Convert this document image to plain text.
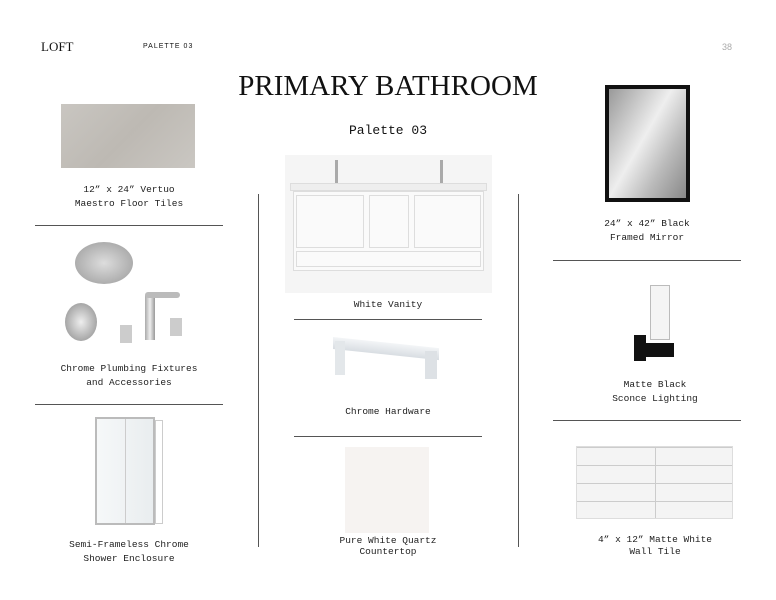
LOFT	PALETTE 03	38
PRIMARY BATHROOM
Palette 03
12” x 24” Vertuo
Maestro Floor Tiles
Chrome Plumbing Fixtures
and Accessories
Semi-Frameless Chrome
Shower Enclosure
White Vanity
Chrome Hardware
Pure White Quartz
Countertop
24” x 42” Black
Framed Mirror
Matte Black
Sconce Lighting
4” x 12” Matte White
Wall Tile
